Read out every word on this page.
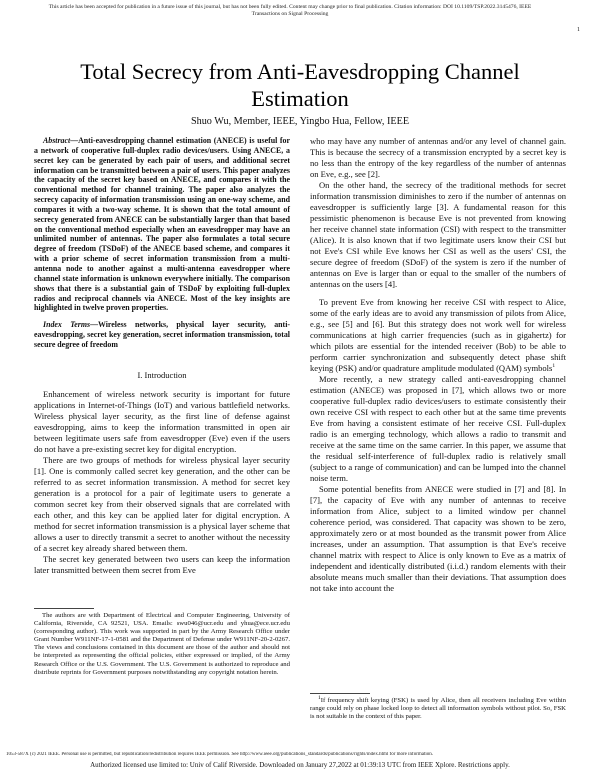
This article has been accepted for publication in a future issue of this journal, but has not been fully edited. Content may change prior to final publication. Citation information: DOI 10.1109/TSP.2022.3145476, IEEE
Transactions on Signal Processing
1
Total Secrecy from Anti-Eavesdropping Channel
Estimation
Shuo Wu, Member, IEEE, Yingbo Hua, Fellow, IEEE
Abstract—Anti-eavesdropping channel estimation (ANECE) is useful for a network of cooperative full-duplex radio devices/users. Using ANECE, a secret key can be generated by each pair of users, and additional secret information can be transmitted between a pair of users. This paper analyzes the capacity of the secret key based on ANECE, and compares it with the conventional method for channel training. The paper also analyzes the secrecy capacity of information transmission using an one-way scheme, and compares it with a two-way scheme. It is shown that the total amount of secrecy generated from ANECE can be substantially larger than that based on the conventional method especially when an eavesdropper may have an unlimited number of antennas. The paper also formulates a total secure degree of freedom (TSDoF) of the ANECE based scheme, and compares it with a prior scheme of secret information transmission from a multi-antenna node to another against a multi-antenna eavesdropper where channel state information is unknown everywhere initially. The comparison shows that there is a substantial gain of TSDoF by exploiting full-duplex radios and reciprocal channels via ANECE. Most of the key insights are highlighted in twelve proven properties.
Index Terms—Wireless networks, physical layer security, anti-eavesdropping, secret key generation, secret information transmission, total secure degree of freedom
I. Introduction

Enhancement of wireless network security is important for future applications in Internet-of-Things (IoT) and various battlefield networks. Wireless physical layer security, as the first line of defense against eavesdropping, aims to keep the information transmitted in open air between legitimate users safe from eavesdropper (Eve) even if the users do not have a pre-existing secret key for digital encryption.

There are two groups of methods for wireless physical layer security [1]. One is commonly called secret key generation, and the other can be referred to as secret information transmission. A method for secret key generation is a protocol for a pair of legitimate users to generate a common secret key from their observed signals that are correlated with each other, and this key can be applied later for digital encryption. A method for secret information transmission is a physical layer scheme that allows a user to directly transmit a secret to another without the necessity of a secret key already shared between them.

The secret key generated between two users can keep the information later transmitted between them secret from Eve

The authors are with Department of Electrical and Computer Engineering, University of California, Riverside, CA 92521, USA. Emails: swu046@ucr.edu and yhua@ece.ucr.edu (corresponding author). This work was supported in part by the Army Research Office under Grant Number W911NF-17-1-0581 and the Department of Defense under W911NF-20-2-0267. The views and conclusions contained in this document are those of the author and should not be interpreted as representing the official policies, either expressed or implied, of the Army Research Office or the U.S. Government. The U.S. Government is authorized to reproduce and distribute reprints for Government purposes notwithstanding any copyright notation herein.

who may have any number of antennas and/or any level of channel gain. This is because the secrecy of a transmission encrypted by a secret key is no less than the entropy of the key regardless of the number of antennas on Eve, e.g., see [2].

On the other hand, the secrecy of the traditional methods for secret information transmission diminishes to zero if the number of antennas on eavesdropper is sufficiently large [3]. A fundamental reason for this pessimistic phenomenon is because Eve is not prevented from knowing her receive channel state information (CSI) with respect to the transmitter (Alice). It is also known that if two legitimate users know their CSI but not Eve's CSI while Eve knows her CSI as well as the users' CSI, the secure degree of freedom (SDoF) of the system is zero if the number of antennas on Eve is larger than or equal to the smaller of the numbers of antennas on the users [4].

To prevent Eve from knowing her receive CSI with respect to Alice, some of the early ideas are to avoid any transmission of pilots from Alice, e.g., see [5] and [6]. But this strategy does not work well for wireless communications at high carrier frequencies (such as in gigahertz) for which pilots are essential for the intended receiver (Bob) to be able to perform carrier synchronization and subsequently detect phase shift keying (PSK) and/or quadrature amplitude modulated (QAM) symbols$^1$

More recently, a new strategy called anti-eavesdropping channel estimation (ANECE) was proposed in [7], which allows two or more cooperative full-duplex radio devices/users to estimate consistently their own receive CSI with respect to each other but at the same time prevents Eve from having a consistent estimate of her receive CSI. Full-duplex radio is an emerging technology, which allows a radio to transmit and receive at the same time on the same carrier. In this paper, we assume that the residual self-interference of full-duplex radio is relatively small (subject to a range of communication) and can be lumped into the channel noise term.

Some potential benefits from ANECE were studied in [7] and [8]. In [7], the capacity of Eve with any number of antennas to receive information from Alice, subject to a limited window per channel coherence period, was considered. That capacity was shown to be zero, approximately zero or at most bounded as the transmit power from Alice increases, under an assumption. That assumption is that Eve's receive channel matrix with respect to Alice is only known to Eve as a matrix of independent and identically distributed (i.i.d.) random elements with their absolute means much smaller than their deviations. That assumption does not take into account the

$^1$If frequency shift keying (FSK) is used by Alice, then all receivers including Eve within range could rely on phase locked loop to detect all information symbols without pilot. So, FSK is not suitable in the context of this paper.

1053-587X (c) 2021 IEEE. Personal use is permitted, but republication/redistribution requires IEEE permission. See http://www.ieee.org/publications_standards/publications/rights/index.html for more information.
Authorized licensed use limited to: Univ of Calif Riverside. Downloaded on January 27,2022 at 01:39:13 UTC from IEEE Xplore. Restrictions apply.
